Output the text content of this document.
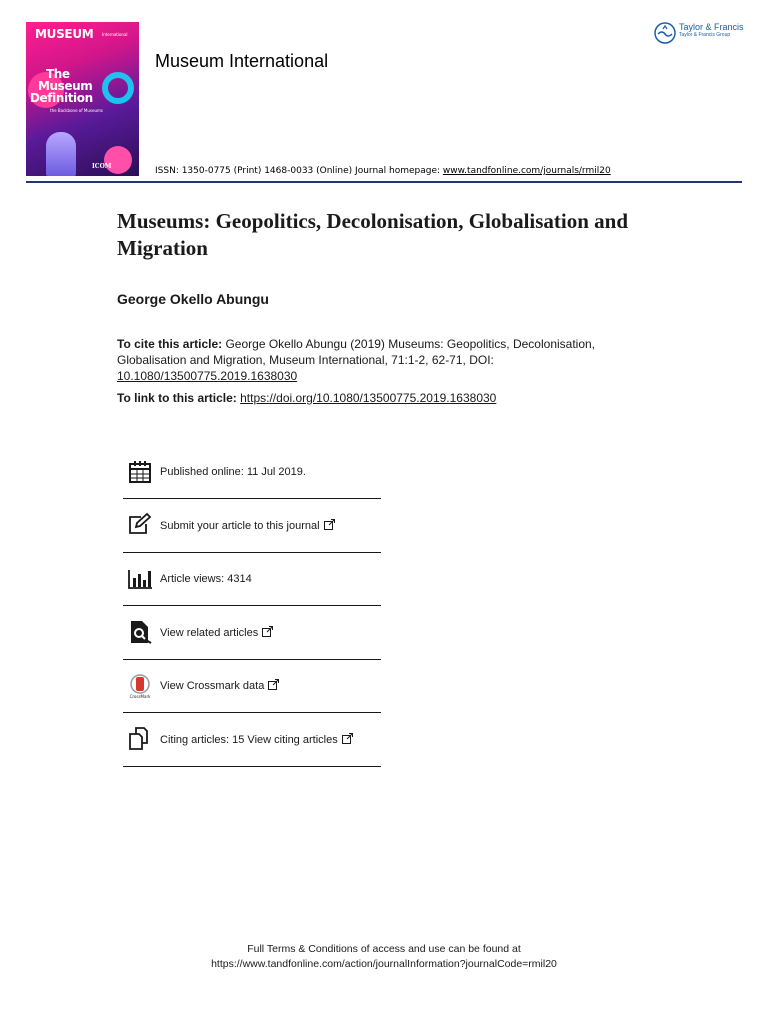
MUSEUM International
The
Museum
Definition
the Backbone of Museums
ICOM
Museum International
Taylor & Francis
Taylor & Francis Group
ISSN: 1350-0775 (Print) 1468-0033 (Online) Journal homepage: www.tandfonline.com/journals/rmil20
Museums: Geopolitics, Decolonisation, Globalisation and Migration
George Okello Abungu
To cite this article: George Okello Abungu (2019) Museums: Geopolitics, Decolonisation, Globalisation and Migration, Museum International, 71:1-2, 62-71, DOI: 10.1080/13500775.2019.1638030
To link to this article: https://doi.org/10.1080/13500775.2019.1638030
Published online: 11 Jul 2019.
Submit your article to this journal
Article views: 4314
View related articles
CrossMark
View Crossmark data
Citing articles: 15 View citing articles
Full Terms & Conditions of access and use can be found at
https://www.tandfonline.com/action/journalInformation?journalCode=rmil20
